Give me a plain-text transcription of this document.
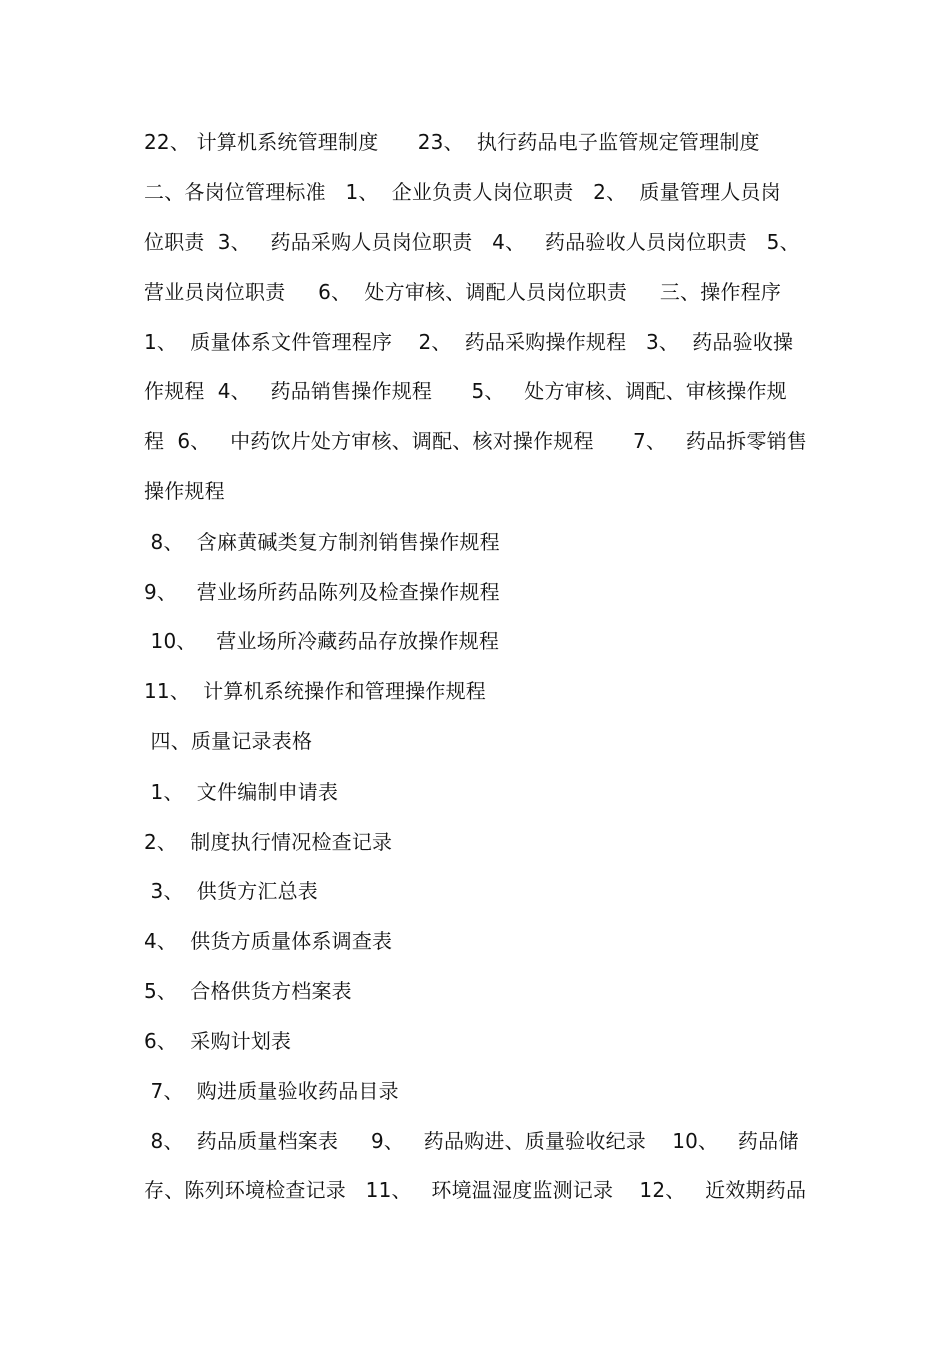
22、 计算机系统管理制度      23、  执行药品电子监管规定管理制度
二、各岗位管理标准   1、  企业负责人岗位职责   2、  质量管理人员岗
位职责  3、   药品采购人员岗位职责   4、   药品验收人员岗位职责   5、
营业员岗位职责     6、  处方审核、调配人员岗位职责     三、操作程序
1、  质量体系文件管理程序    2、  药品采购操作规程   3、  药品验收操
作规程  4、   药品销售操作规程      5、   处方审核、调配、审核操作规
程  6、   中药饮片处方审核、调配、核对操作规程      7、   药品拆零销售
操作规程
8、  含麻黄碱类复方制剂销售操作规程
9、   营业场所药品陈列及检查操作规程
10、   营业场所冷藏药品存放操作规程
11、  计算机系统操作和管理操作规程
四、质量记录表格
1、  文件编制申请表
2、  制度执行情况检查记录
3、  供货方汇总表
4、  供货方质量体系调查表
5、  合格供货方档案表
6、  采购计划表
7、  购进质量验收药品目录
8、  药品质量档案表     9、   药品购进、质量验收纪录    10、   药品储
存、陈列环境检查记录   11、   环境温湿度监测记录    12、   近效期药品
